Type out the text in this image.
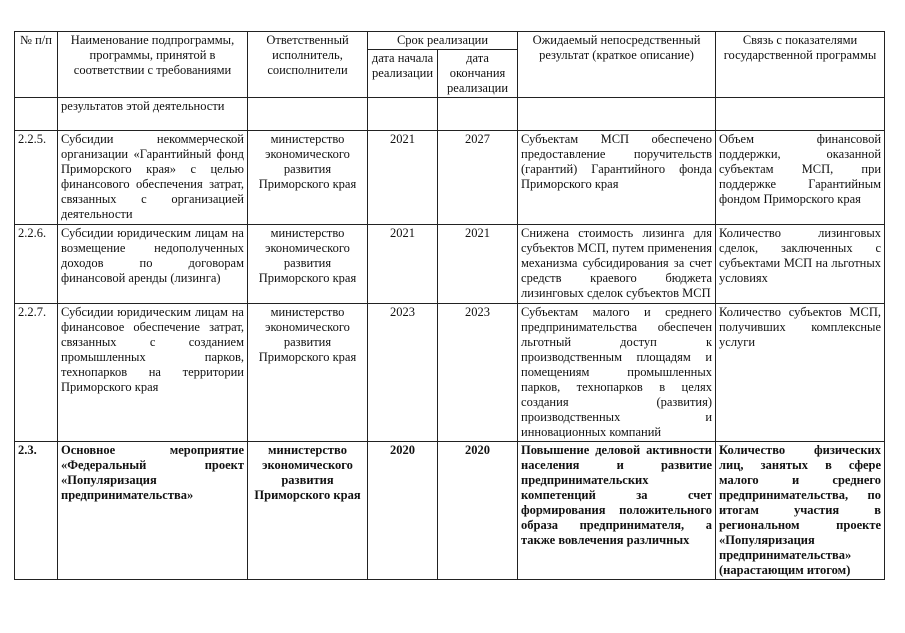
№ п/п	Наименование подпрограммы, программы, принятой в соответствии с требованиями	Ответственный исполнитель, соисполнители	Срок реализации		Ожидаемый непосредственный результат (краткое описание)	Связь с показателями государственной программы
			дата начала реализации	дата окончания реализации		
	результатов этой деятельности					
2.2.5.	Субсидии некоммерческой организации «Гарантийный фонд Приморского края» с целью финансового обеспечения затрат, связанных с организацией деятельности	министерство экономического развития Приморского края	2021	2027	Субъектам МСП обеспечено предоставление поручительств (гарантий) Гарантийного фонда Приморского края	Объем финансовой поддержки, оказанной субъектам МСП, при поддержке Гарантийным фондом Приморского края
2.2.6.	Субсидии юридическим лицам на возмещение недополученных доходов по договорам финансовой аренды (лизинга)	министерство экономического развития Приморского края	2021	2021	Снижена стоимость лизинга для субъектов МСП, путем применения механизма субсидирования за счет средств краевого бюджета лизинговых сделок субъектов МСП	Количество лизинговых сделок, заключенных с субъектами МСП на льготных условиях
2.2.7.	Субсидии юридическим лицам на финансовое обеспечение затрат, связанных с созданием промышленных парков, технопарков на территории Приморского края	министерство экономического развития Приморского края	2023	2023	Субъектам малого и среднего предпринимательства обеспечен льготный доступ к производственным площадям и помещениям промышленных парков, технопарков в целях создания (развития) производственных и инновационных компаний	Количество субъектов МСП, получивших комплексные услуги
2.3.	Основное мероприятие «Федеральный проект «Популяризация предпринимательства»	министерство экономического развития Приморского края	2020	2020	Повышение деловой активности населения и развитие предпринимательских компетенций за счет формирования положительного образа предпринимателя, а также вовлечения различных	Количество физических лиц, занятых в сфере малого и среднего предпринимательства, по итогам участия в региональном проекте «Популяризация предпринимательства» (нарастающим итогом)
